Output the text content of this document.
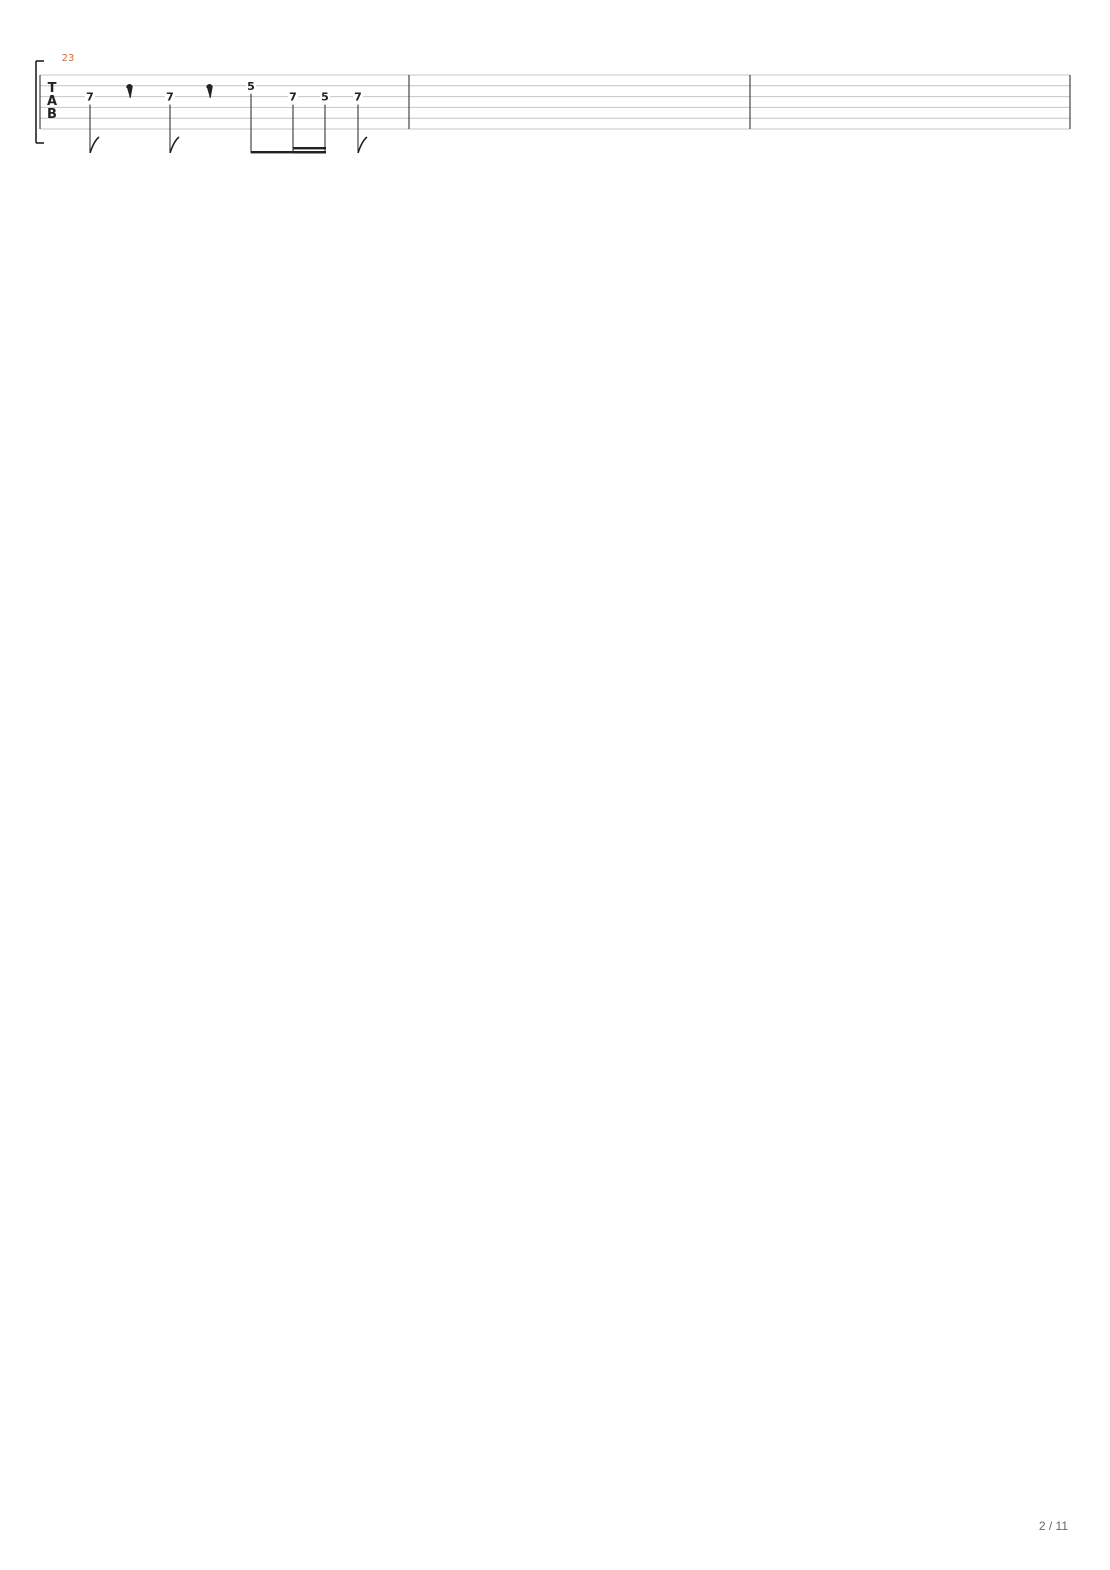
T
A
B
23
7	7
5
7 5 7
2 / 11
